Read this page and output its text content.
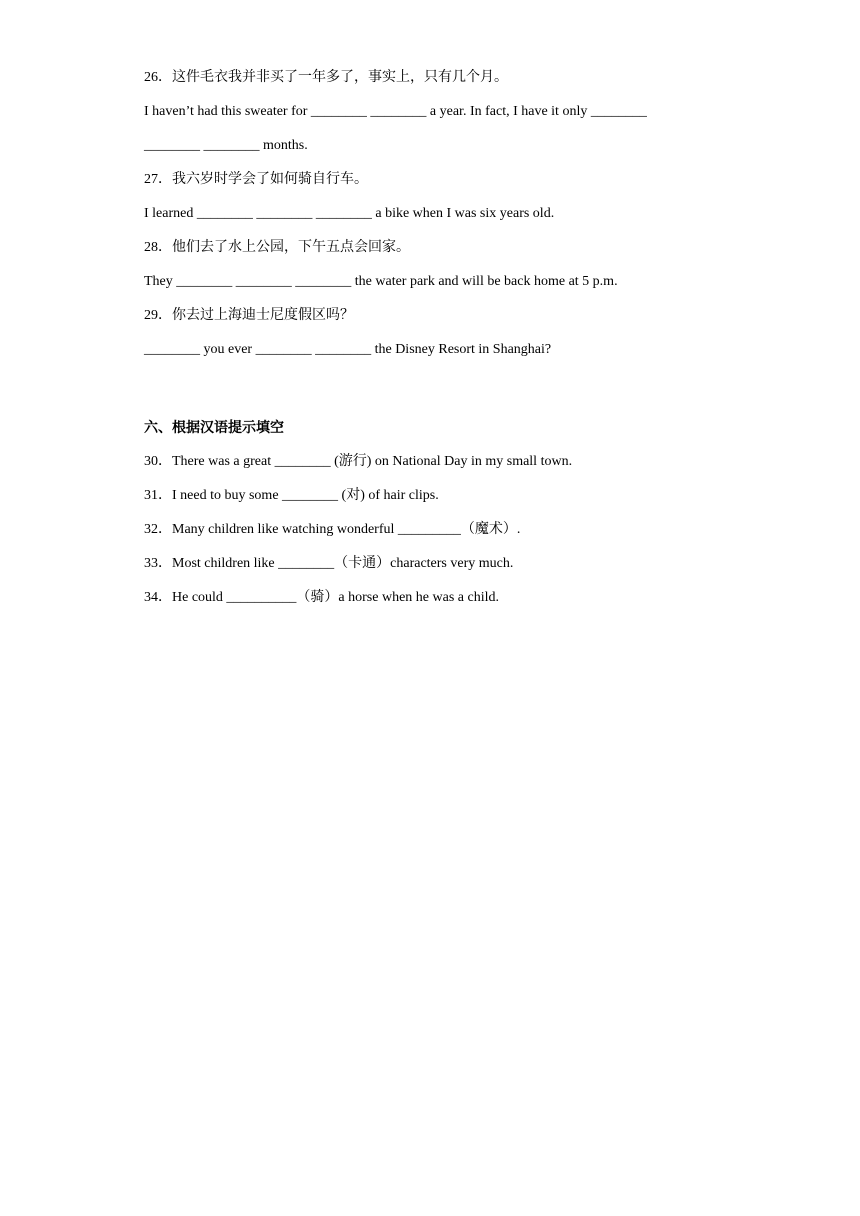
26．这件毛衣我并非买了一年多了，事实上，只有几个月。

I haven’t had this sweater for ________ ________ a year. In fact, I have it only ________

________ ________ months.

27．我六岁时学会了如何骑自行车。

I learned ________ ________ ________ a bike when I was six years old.

28．他们去了水上公园，下午五点会回家。

They ________ ________ ________ the water park and will be back home at 5 p.m.

29．你去过上海迪士尼度假区吗？

________ you ever ________ ________ the Disney Resort in Shanghai?

六、根据汉语提示填空

30．There was a great ________ (游行) on National Day in my small town.

31．I need to buy some ________ (对) of hair clips.

32．Many children like watching wonderful _________（魔术）.

33．Most children like ________（卡通）characters very much.

34．He could __________（骑）a horse when he was a child.
